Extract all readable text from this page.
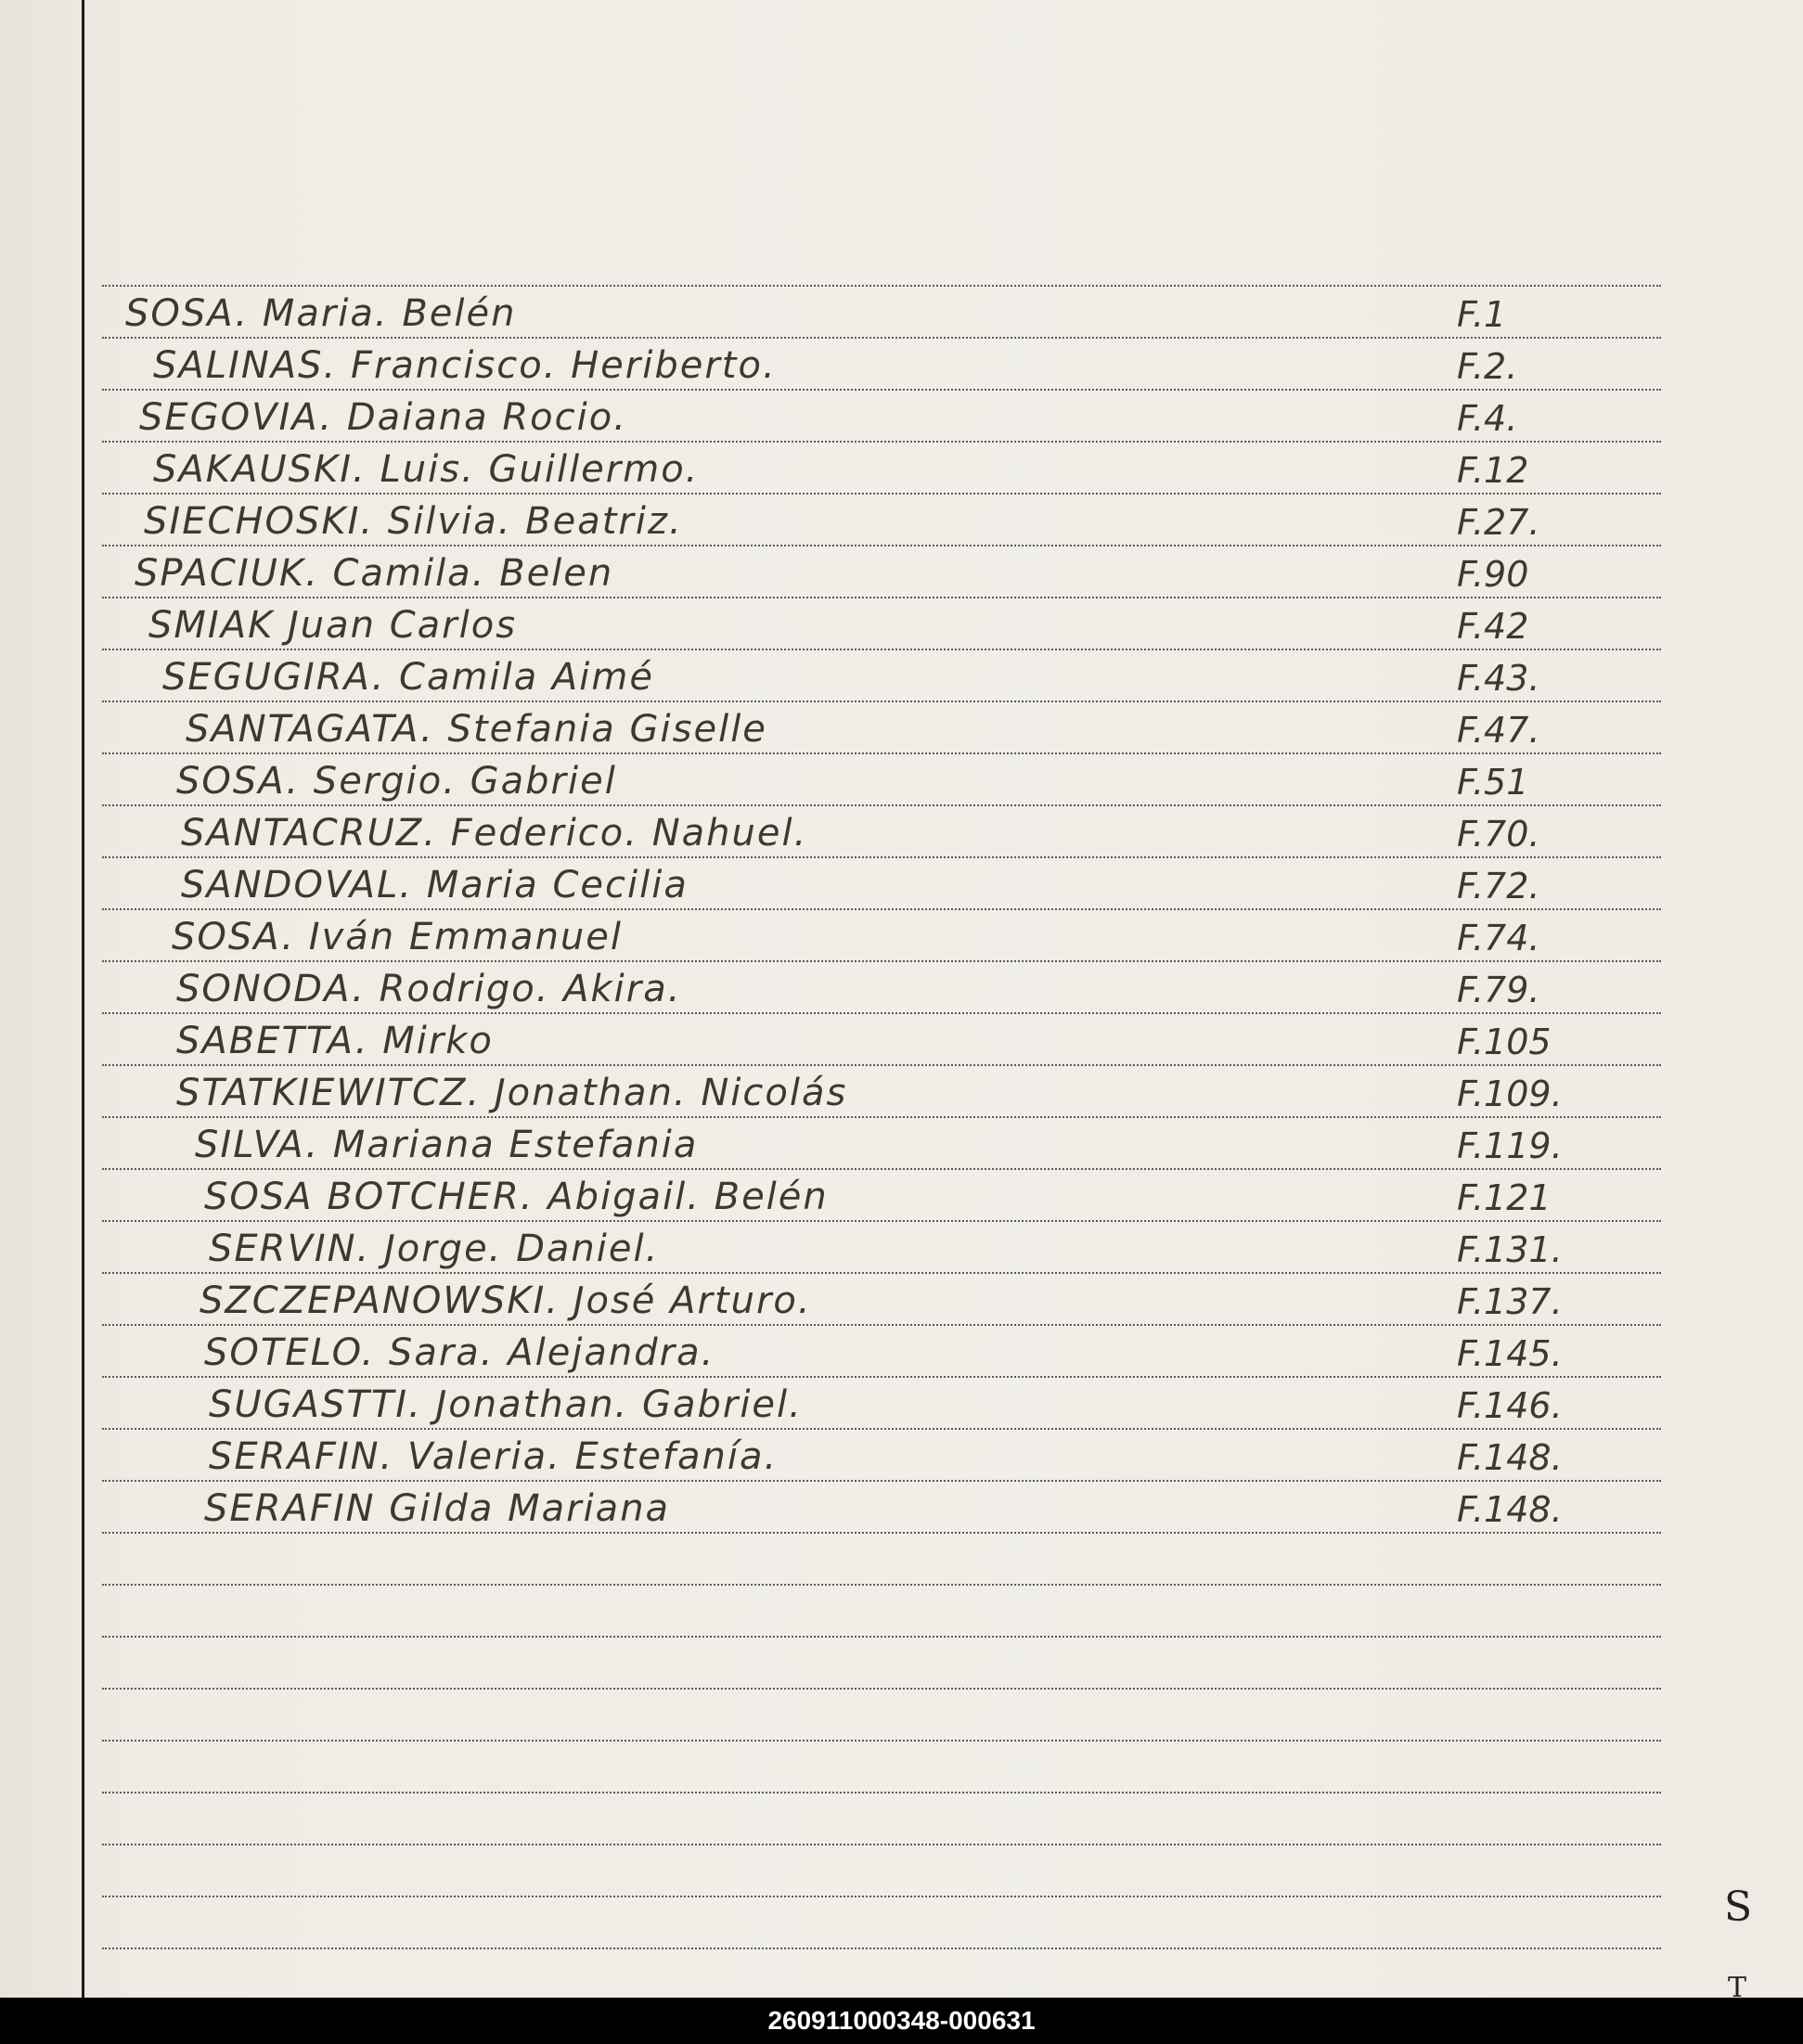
SOSA. Maria. Belén	F.1
SALINAS. Francisco. Heriberto.	F.2.
SEGOVIA. Daiana Rocio.	F.4.
SAKAUSKI. Luis. Guillermo.	F.12
SIECHOSKI. Silvia. Beatriz.	F.27.
SPACIUK. Camila. Belen	F.90
SMIAK Juan Carlos	F.42
SEGUGIRA. Camila Aimé	F.43.
SANTAGATA. Stefania Giselle	F.47.
SOSA. Sergio. Gabriel	F.51
SANTACRUZ. Federico. Nahuel.	F.70.
SANDOVAL. Maria Cecilia	F.72.
SOSA. Iván Emmanuel	F.74.
SONODA. Rodrigo. Akira.	F.79.
SABETTA. Mirko	F.105
STATKIEWITCZ. Jonathan. Nicolás	F.109.
SILVA. Mariana Estefania	F.119.
SOSA BOTCHER. Abigail. Belén	F.121
SERVIN. Jorge. Daniel.	F.131.
SZCZEPANOWSKI. José Arturo.	F.137.
SOTELO. Sara. Alejandra.	F.145.
SUGASTTI. Jonathan. Gabriel.	F.146.
SERAFIN. Valeria. Estefanía.	F.148.
SERAFIN Gilda Mariana	F.148.
S
T
260911000348-000631
